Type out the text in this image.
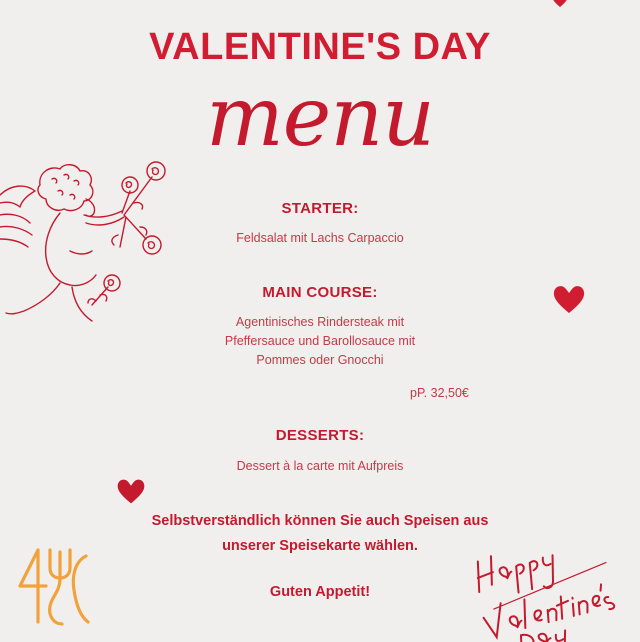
VALENTINE'S DAY
menu
STARTER:
Feldsalat mit Lachs Carpaccio
MAIN COURSE:
Agentinisches Rindersteak mit
Pfeffersauce und Barollosauce mit
Pommes oder Gnocchi
pP. 32,50€
DESSERTS:
Dessert à la carte mit Aufpreis
Selbstverständlich können Sie auch Speisen aus
unserer Speisekarte wählen.
Guten Appetit!
